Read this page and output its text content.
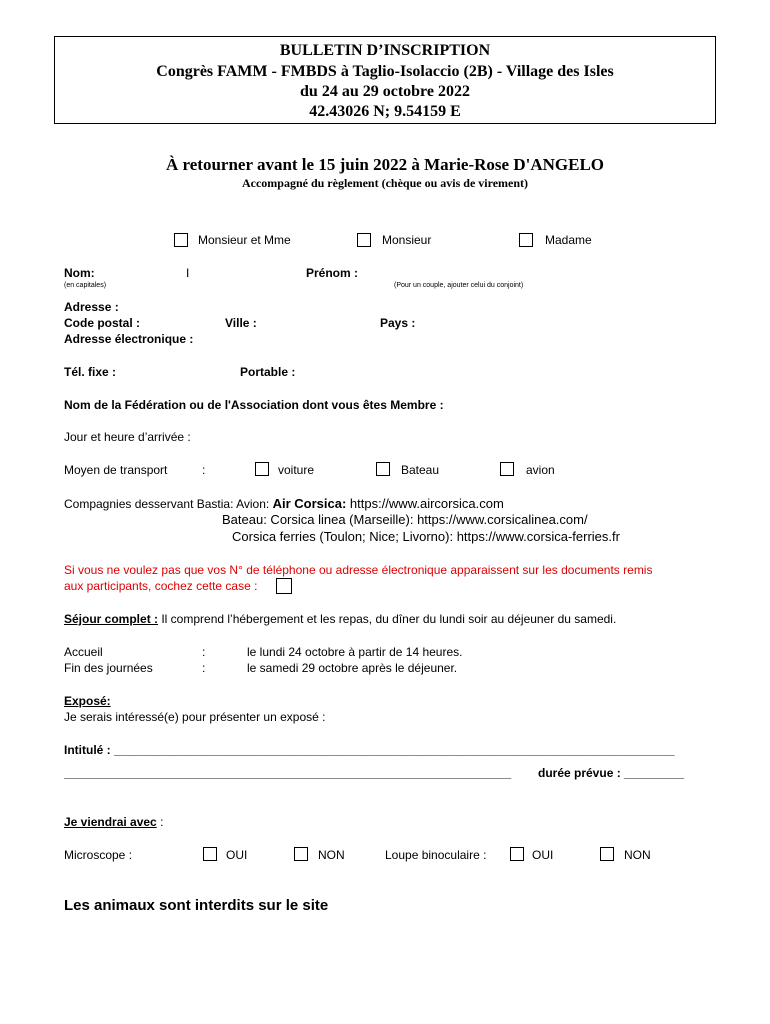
BULLETIN D’INSCRIPTION
Congrès FAMM - FMBDS à Taglio-Isolaccio (2B) - Village des Isles
du 24 au 29 octobre 2022
42.43026 N; 9.54159 E
À retourner avant le 15 juin 2022 à Marie-Rose D'ANGELO
Accompagné du règlement (chèque ou avis de virement)
Monsieur et Mme	Monsieur	Madame
Nom:
(en capitales)
I	Prénom :
(Pour un couple, ajouter celui du conjoint)
Adresse :
Code postal :	Ville :	Pays :
Adresse électronique :
Tél. fixe :	Portable :
Nom de la Fédération ou de l'Association dont vous êtes Membre :
Jour et heure d’arrivée :
Moyen de transport	:	voiture	Bateau	avion
Compagnies desservant Bastia: Avion: Air Corsica: https://www.aircorsica.com
Bateau: Corsica linea (Marseille): https://www.corsicalinea.com/
Corsica ferries (Toulon; Nice; Livorno): https://www.corsica-ferries.fr
Si vous ne voulez pas que vos N° de téléphone ou adresse électronique apparaissent sur les documents remis
aux participants, cochez cette case :
Séjour complet : Il comprend l’hébergement et les repas, du dîner du lundi soir au déjeuner du samedi.
Accueil	:	le lundi 24 octobre à partir de 14 heures.
Fin des journées	:	le samedi 29 octobre après le déjeuner.
Exposé:
Je serais intéressé(e) pour présenter un exposé :
Intitulé : ____________________________________________________________________________________
___________________________________________________________________	durée prévue : _________
Je viendrai avec :
Microscope :	OUI	NON	Loupe binoculaire :	OUI	NON
Les animaux sont interdits sur le site
